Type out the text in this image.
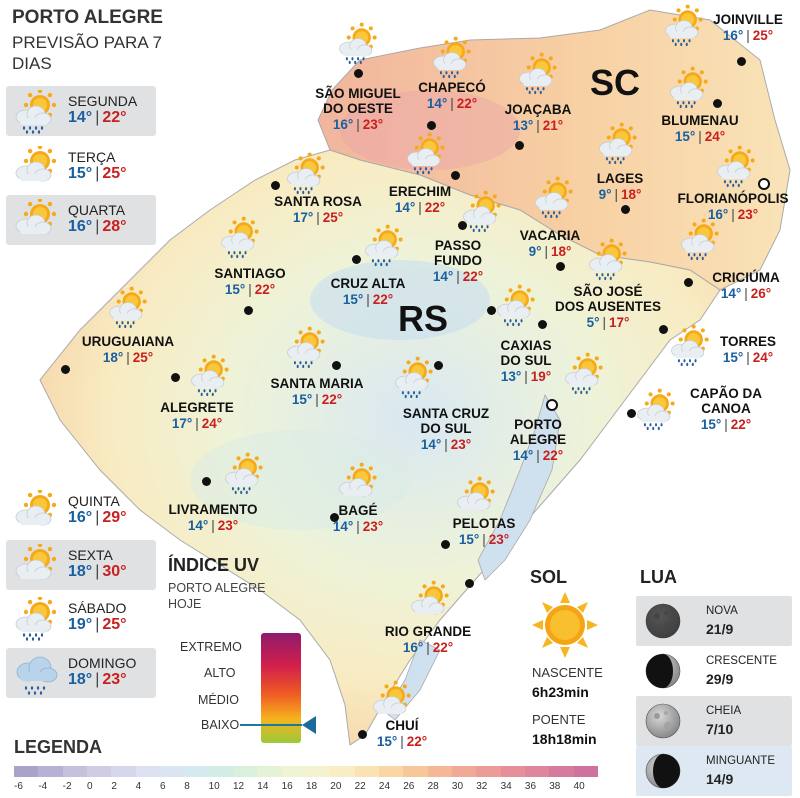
PORTO ALEGRE
PREVISÃO PARA 7 DIAS
SEGUNDA
14° | 22°
TERÇA
15° | 25°
QUARTA
16° | 28°
QUINTA
16° | 29°
SEXTA
18° | 30°
SÁBADO
19° | 25°
DOMINGO
18° | 23°
SC
RS
JOINVILLE
16° | 25°
SÃO MIGUEL
DO OESTE
16° | 23°
CHAPECÓ
14° | 22°	JOAÇABA
13° | 21°	BLUMENAU
15° | 24°
LAGES
9° | 18°	FLORIANÓPOLIS
16° | 23°
SANTA ROSA
17° | 25°
ERECHIM
14° | 22°
PASSO
FUNDO
14° | 22°
VACARIA
9° | 18°
SANTIAGO
15° | 22°	CRUZ ALTA
15° | 22°
SÃO JOSÉ
DOS AUSENTES
5° | 17°
CRICIÚMA
14° | 26°
URUGUAIANA
18° | 25°
CAXIAS
DO SUL
13° | 19°
TORRES
15° | 24°
SANTA MARIA
15° | 22°
ALEGRETE
17° | 24°
SANTA CRUZ
DO SUL
14° | 23°
PORTO
ALEGRE
14° | 22°
CAPÃO DA
CANOA
15° | 22°
LIVRAMENTO
14° | 23°
BAGÉ
14° | 23°	PELOTAS
15° | 23°
RIO GRANDE
16° | 22°
CHUÍ
15° | 22°
ÍNDICE UV
PORTO ALEGRE HOJE
EXTREMO
ALTO
MÉDIO
BAIXO
SOL
NASCENTE
6h23min
POENTE
18h18min
LUA
NOVA
21/9
CRESCENTE
29/9
CHEIA
7/10
MINGUANTE
14/9
LEGENDA
-6	-4	-2	0	2	4	6	8	10	12	14	16	18	20	22	24	26	28	30	32	34	36	38	40
